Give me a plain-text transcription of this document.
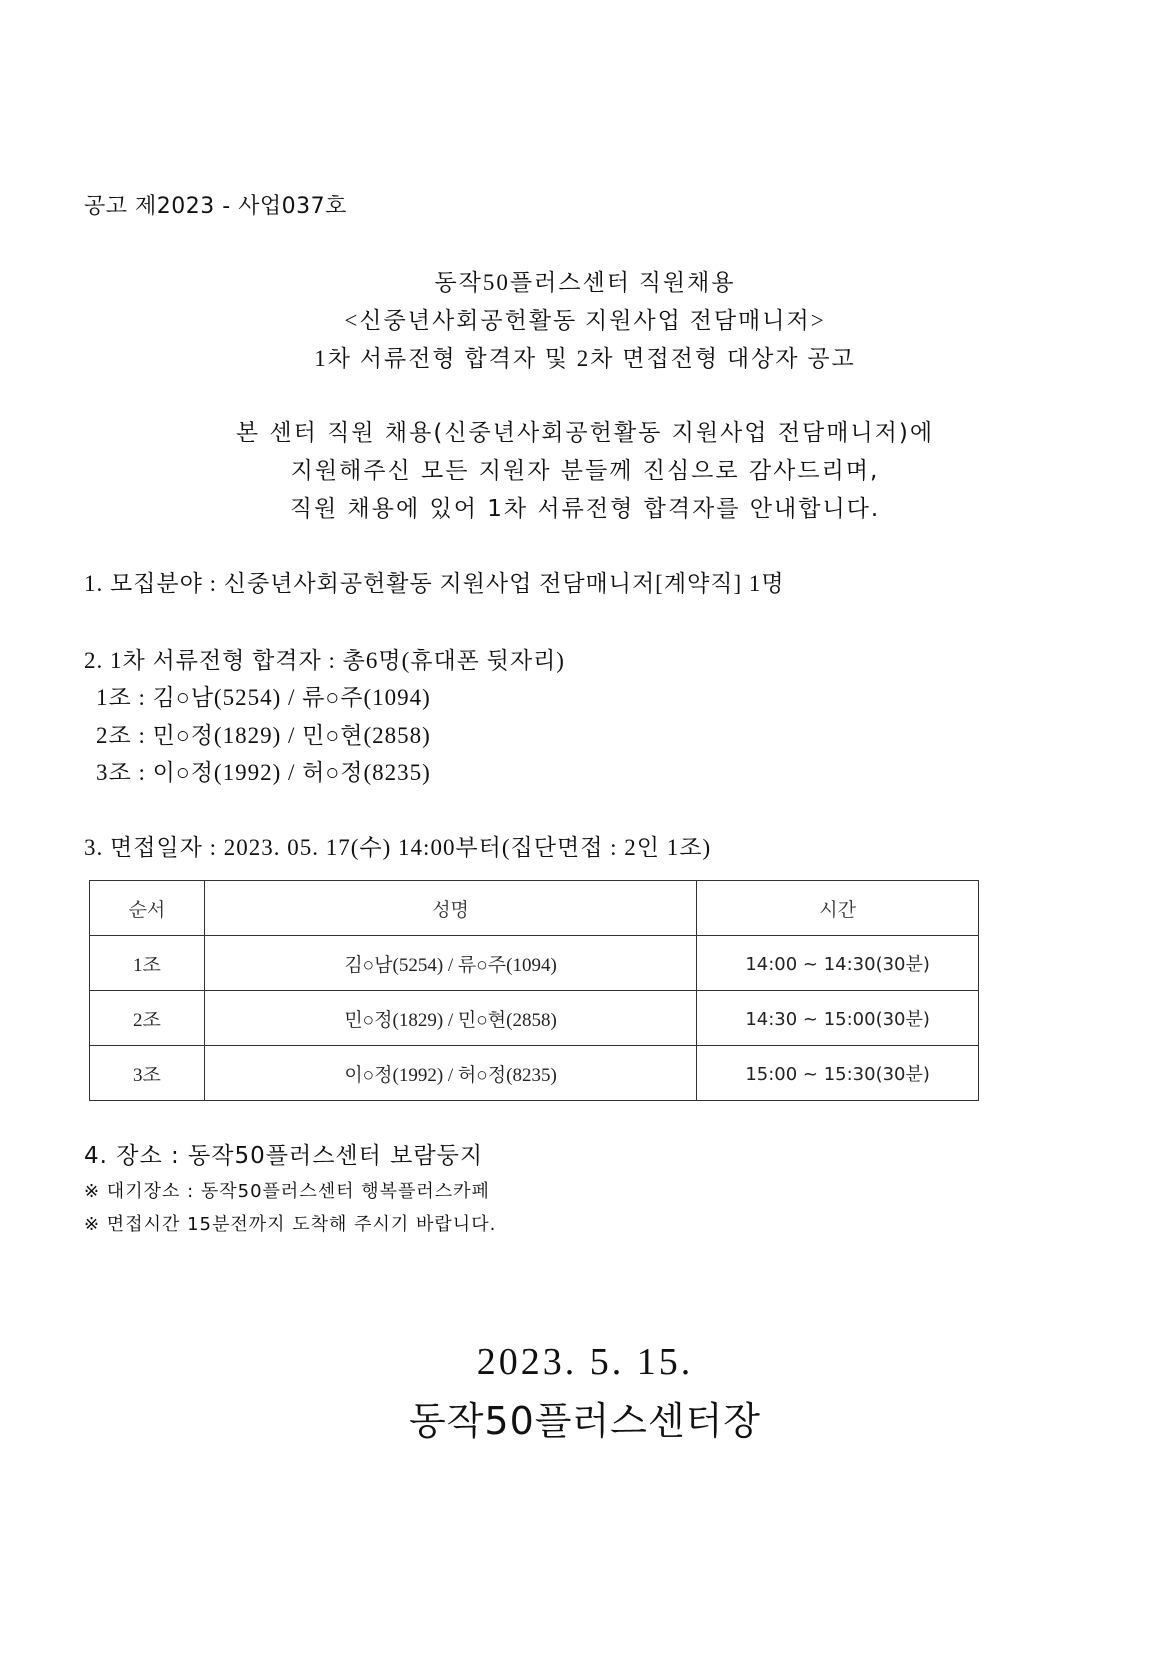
공고 제2023 - 사업037호
동작50플러스센터 직원채용
<신중년사회공헌활동 지원사업 전담매니저>
1차 서류전형 합격자 및 2차 면접전형 대상자 공고
본 센터 직원 채용(신중년사회공헌활동 지원사업 전담매니저)에
지원해주신 모든 지원자 분들께 진심으로 감사드리며,
직원 채용에 있어 1차 서류전형 합격자를 안내합니다.
1. 모집분야 : 신중년사회공헌활동 지원사업 전담매니저[계약직] 1명
2. 1차 서류전형 합격자 : 총6명(휴대폰 뒷자리)
1조 : 김○남(5254) / 류○주(1094)
2조 : 민○정(1829) / 민○현(2858)
3조 : 이○정(1992) / 허○정(8235)
3. 면접일자 : 2023. 05. 17(수) 14:00부터(집단면접 : 2인 1조)
순서	성명	시간
1조	김○남(5254) / 류○주(1094)	14:00 ~ 14:30(30분)
2조	민○정(1829) / 민○현(2858)	14:30 ~ 15:00(30분)
3조	이○정(1992) / 허○정(8235)	15:00 ~ 15:30(30분)
4. 장소 : 동작50플러스센터 보람둥지
※ 대기장소 : 동작50플러스센터 행복플러스카페
※ 면접시간 15분전까지 도착해 주시기 바랍니다.
2023. 5. 15.
동작50플러스센터장
